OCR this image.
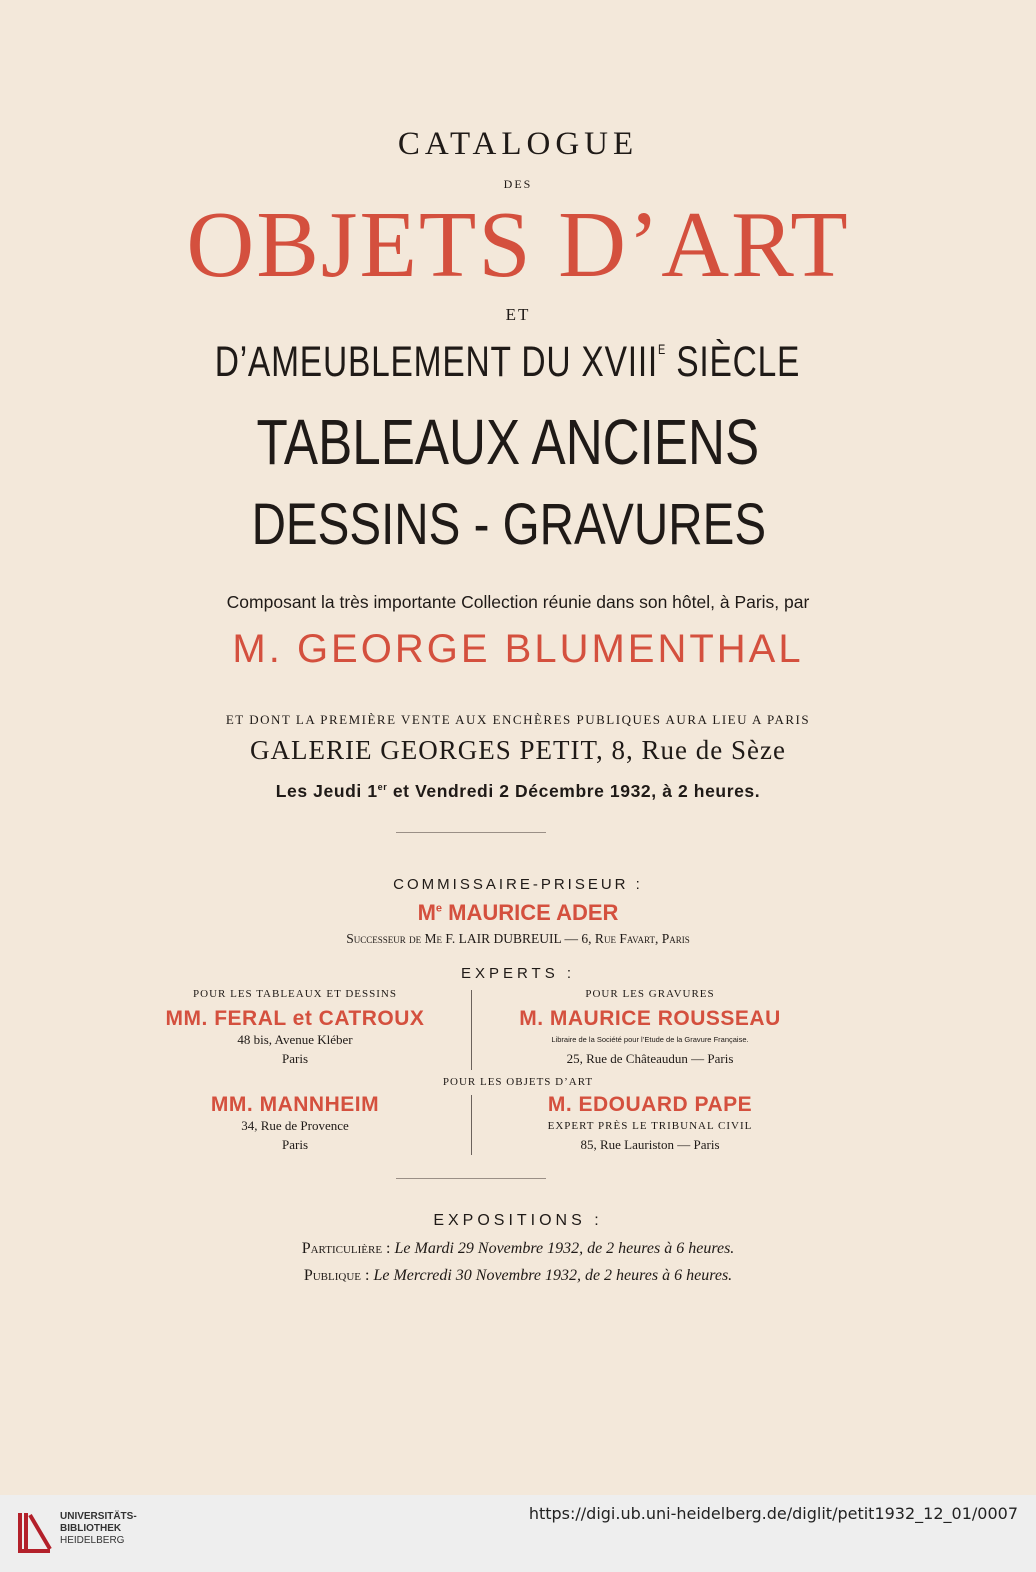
CATALOGUE
DES
OBJETS D’ART
ET
D’AMEUBLEMENT DU $XVIII^E$ SIÈCLE
TABLEAUX ANCIENS
DESSINS - GRAVURES
Composant la très importante Collection réunie dans son hôtel, à Paris, par
M. GEORGE BLUMENTHAL
ET DONT LA PREMIÈRE VENTE AUX ENCHÈRES PUBLIQUES AURA LIEU A PARIS
GALERIE GEORGES PETIT, 8, Rue de Sèze
Les Jeudi 1er et Vendredi 2 Décembre 1932, à 2 heures.
COMMISSAIRE-PRISEUR :
Me MAURICE ADER
Successeur de Me F. LAIR DUBREUIL — 6, Rue Favart, Paris
EXPERTS :
POUR LES TABLEAUX ET DESSINS
MM. FERAL et CATROUX
48 bis, Avenue Kléber
Paris
POUR LES GRAVURES
M. MAURICE ROUSSEAU
Libraire de la Société pour l’Etude de la Gravure Française.
25, Rue de Châteaudun — Paris
POUR LES OBJETS D’ART
MM. MANNHEIM
34, Rue de Provence
Paris
M. EDOUARD PAPE
EXPERT PRÈS LE TRIBUNAL CIVIL
85, Rue Lauriston — Paris
EXPOSITIONS :
Particulière : Le Mardi 29 Novembre 1932, de 2 heures à 6 heures.
Publique : Le Mercredi 30 Novembre 1932, de 2 heures à 6 heures.
UNIVERSITÄTS-
BIBLIOTHEK
HEIDELBERG
https://digi.ub.uni-heidelberg.de/diglit/petit1932_12_01/0007
